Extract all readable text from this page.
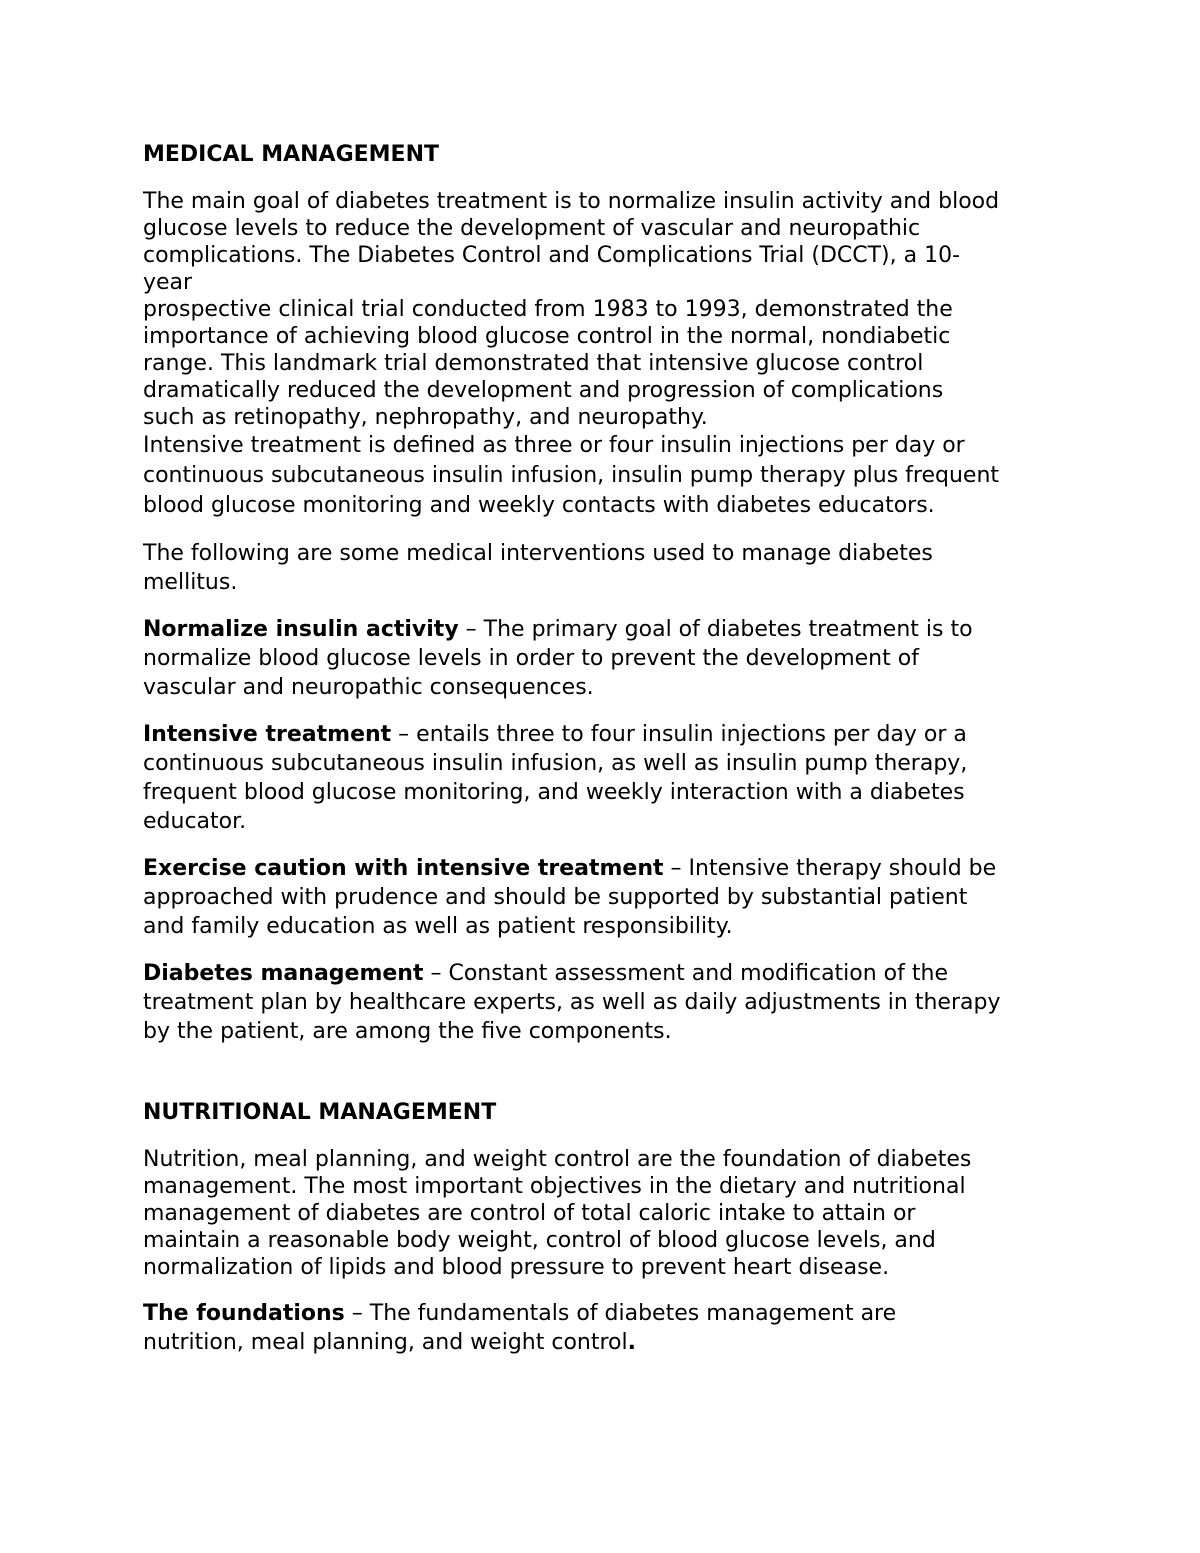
MEDICAL MANAGEMENT

The main goal of diabetes treatment is to normalize insulin activity and blood
glucose levels to reduce the development of vascular and neuropathic
complications. The Diabetes Control and Complications Trial (DCCT), a 10-
year
prospective clinical trial conducted from 1983 to 1993, demonstrated the
importance of achieving blood glucose control in the normal, nondiabetic
range. This landmark trial demonstrated that intensive glucose control
dramatically reduced the development and progression of complications
such as retinopathy, nephropathy, and neuropathy.

Intensive treatment is defined as three or four insulin injections per day or
continuous subcutaneous insulin infusion, insulin pump therapy plus frequent
blood glucose monitoring and weekly contacts with diabetes educators.

The following are some medical interventions used to manage diabetes
mellitus.

Normalize insulin activity – The primary goal of diabetes treatment is to
normalize blood glucose levels in order to prevent the development of
vascular and neuropathic consequences.

Intensive treatment – entails three to four insulin injections per day or a
continuous subcutaneous insulin infusion, as well as insulin pump therapy,
frequent blood glucose monitoring, and weekly interaction with a diabetes
educator.

Exercise caution with intensive treatment – Intensive therapy should be
approached with prudence and should be supported by substantial patient
and family education as well as patient responsibility.

Diabetes management – Constant assessment and modification of the
treatment plan by healthcare experts, as well as daily adjustments in therapy
by the patient, are among the five components.

NUTRITIONAL MANAGEMENT

Nutrition, meal planning, and weight control are the foundation of diabetes
management. The most important objectives in the dietary and nutritional
management of diabetes are control of total caloric intake to attain or
maintain a reasonable body weight, control of blood glucose levels, and
normalization of lipids and blood pressure to prevent heart disease.

The foundations – The fundamentals of diabetes management are
nutrition, meal planning, and weight control.
